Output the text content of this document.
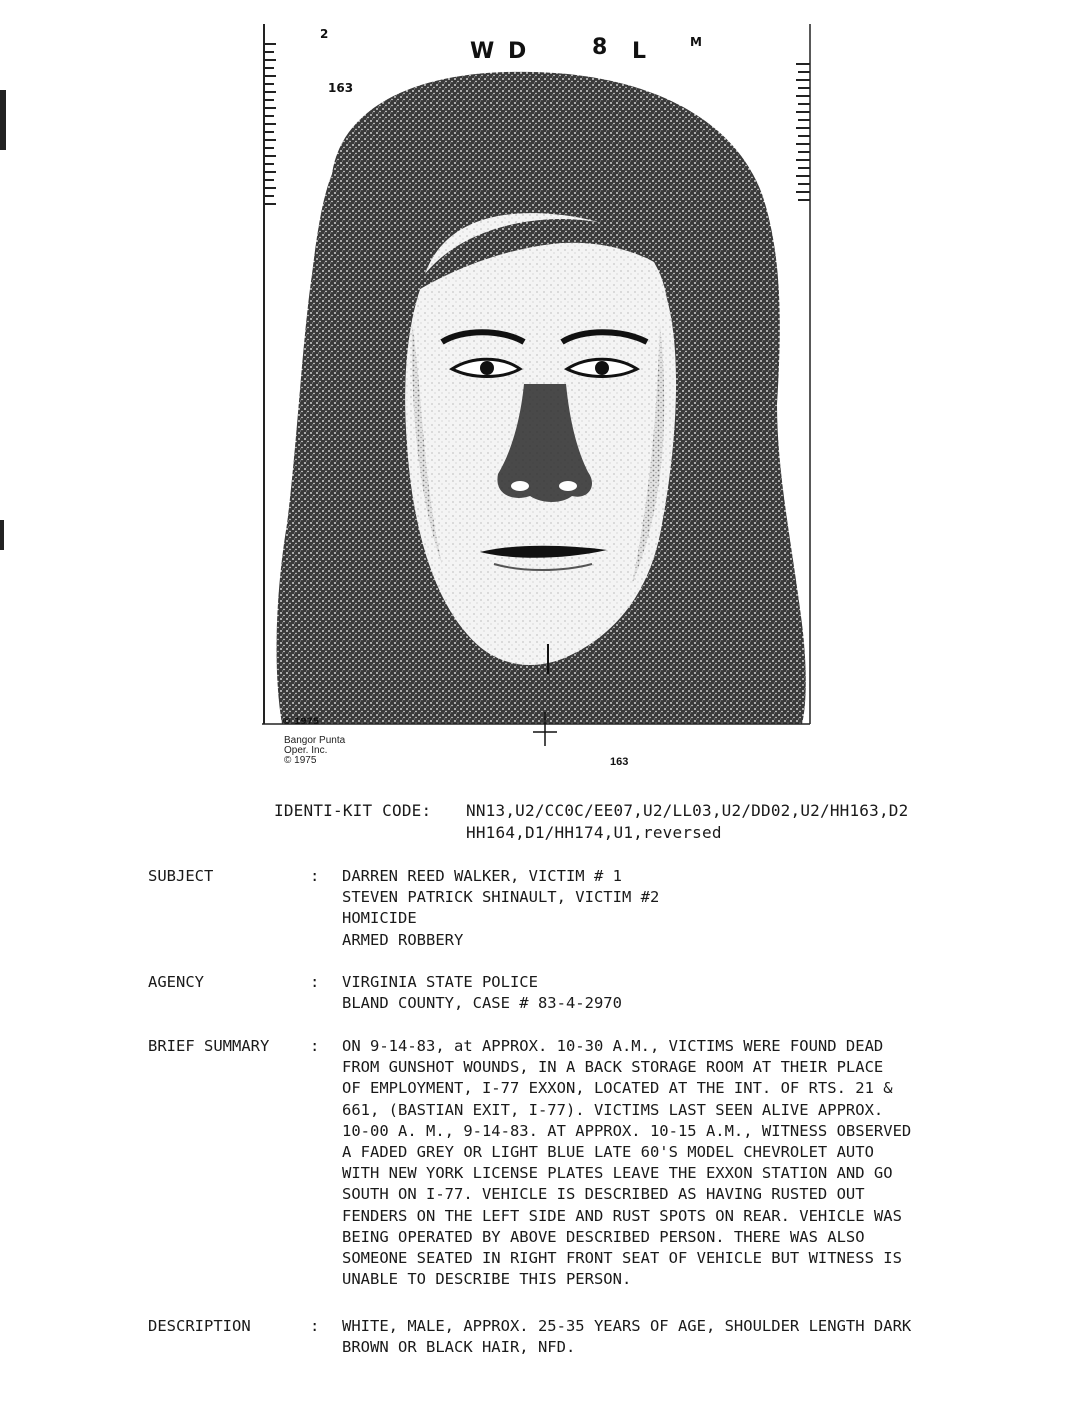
2
W D	8 L	M
163
© 1975
163
Bangor Punta
Oper. Inc.
© 1975
IDENTI-KIT CODE: NN13,U2/CC0C/EE07,U2/LL03,U2/DD02,U2/HH163,D2
HH164,D1/HH174,U1,reversed
SUBJECT	: DARREN REED WALKER, VICTIM # 1
STEVEN PATRICK SHINAULT, VICTIM #2
HOMICIDE
ARMED ROBBERY
AGENCY	: VIRGINIA STATE POLICE
BLAND COUNTY, CASE # 83-4-2970
BRIEF SUMMARY	: ON 9-14-83, at APPROX. 10-30 A.M., VICTIMS WERE FOUND DEAD
FROM GUNSHOT WOUNDS, IN A BACK STORAGE ROOM AT THEIR PLACE
OF EMPLOYMENT, I-77 EXXON, LOCATED AT THE INT. OF RTS. 21 &
661, (BASTIAN EXIT, I-77). VICTIMS LAST SEEN ALIVE APPROX.
10-00 A. M., 9-14-83. AT APPROX. 10-15 A.M., WITNESS OBSERVED
A FADED GREY OR LIGHT BLUE LATE 60'S MODEL CHEVROLET AUTO
WITH NEW YORK LICENSE PLATES LEAVE THE EXXON STATION AND GO
SOUTH ON I-77. VEHICLE IS DESCRIBED AS HAVING RUSTED OUT
FENDERS ON THE LEFT SIDE AND RUST SPOTS ON REAR. VEHICLE WAS
BEING OPERATED BY ABOVE DESCRIBED PERSON. THERE WAS ALSO
SOMEONE SEATED IN RIGHT FRONT SEAT OF VEHICLE BUT WITNESS IS
UNABLE TO DESCRIBE THIS PERSON.
DESCRIPTION	: WHITE, MALE, APPROX. 25-35 YEARS OF AGE, SHOULDER LENGTH DARK
BROWN OR BLACK HAIR, NFD.
